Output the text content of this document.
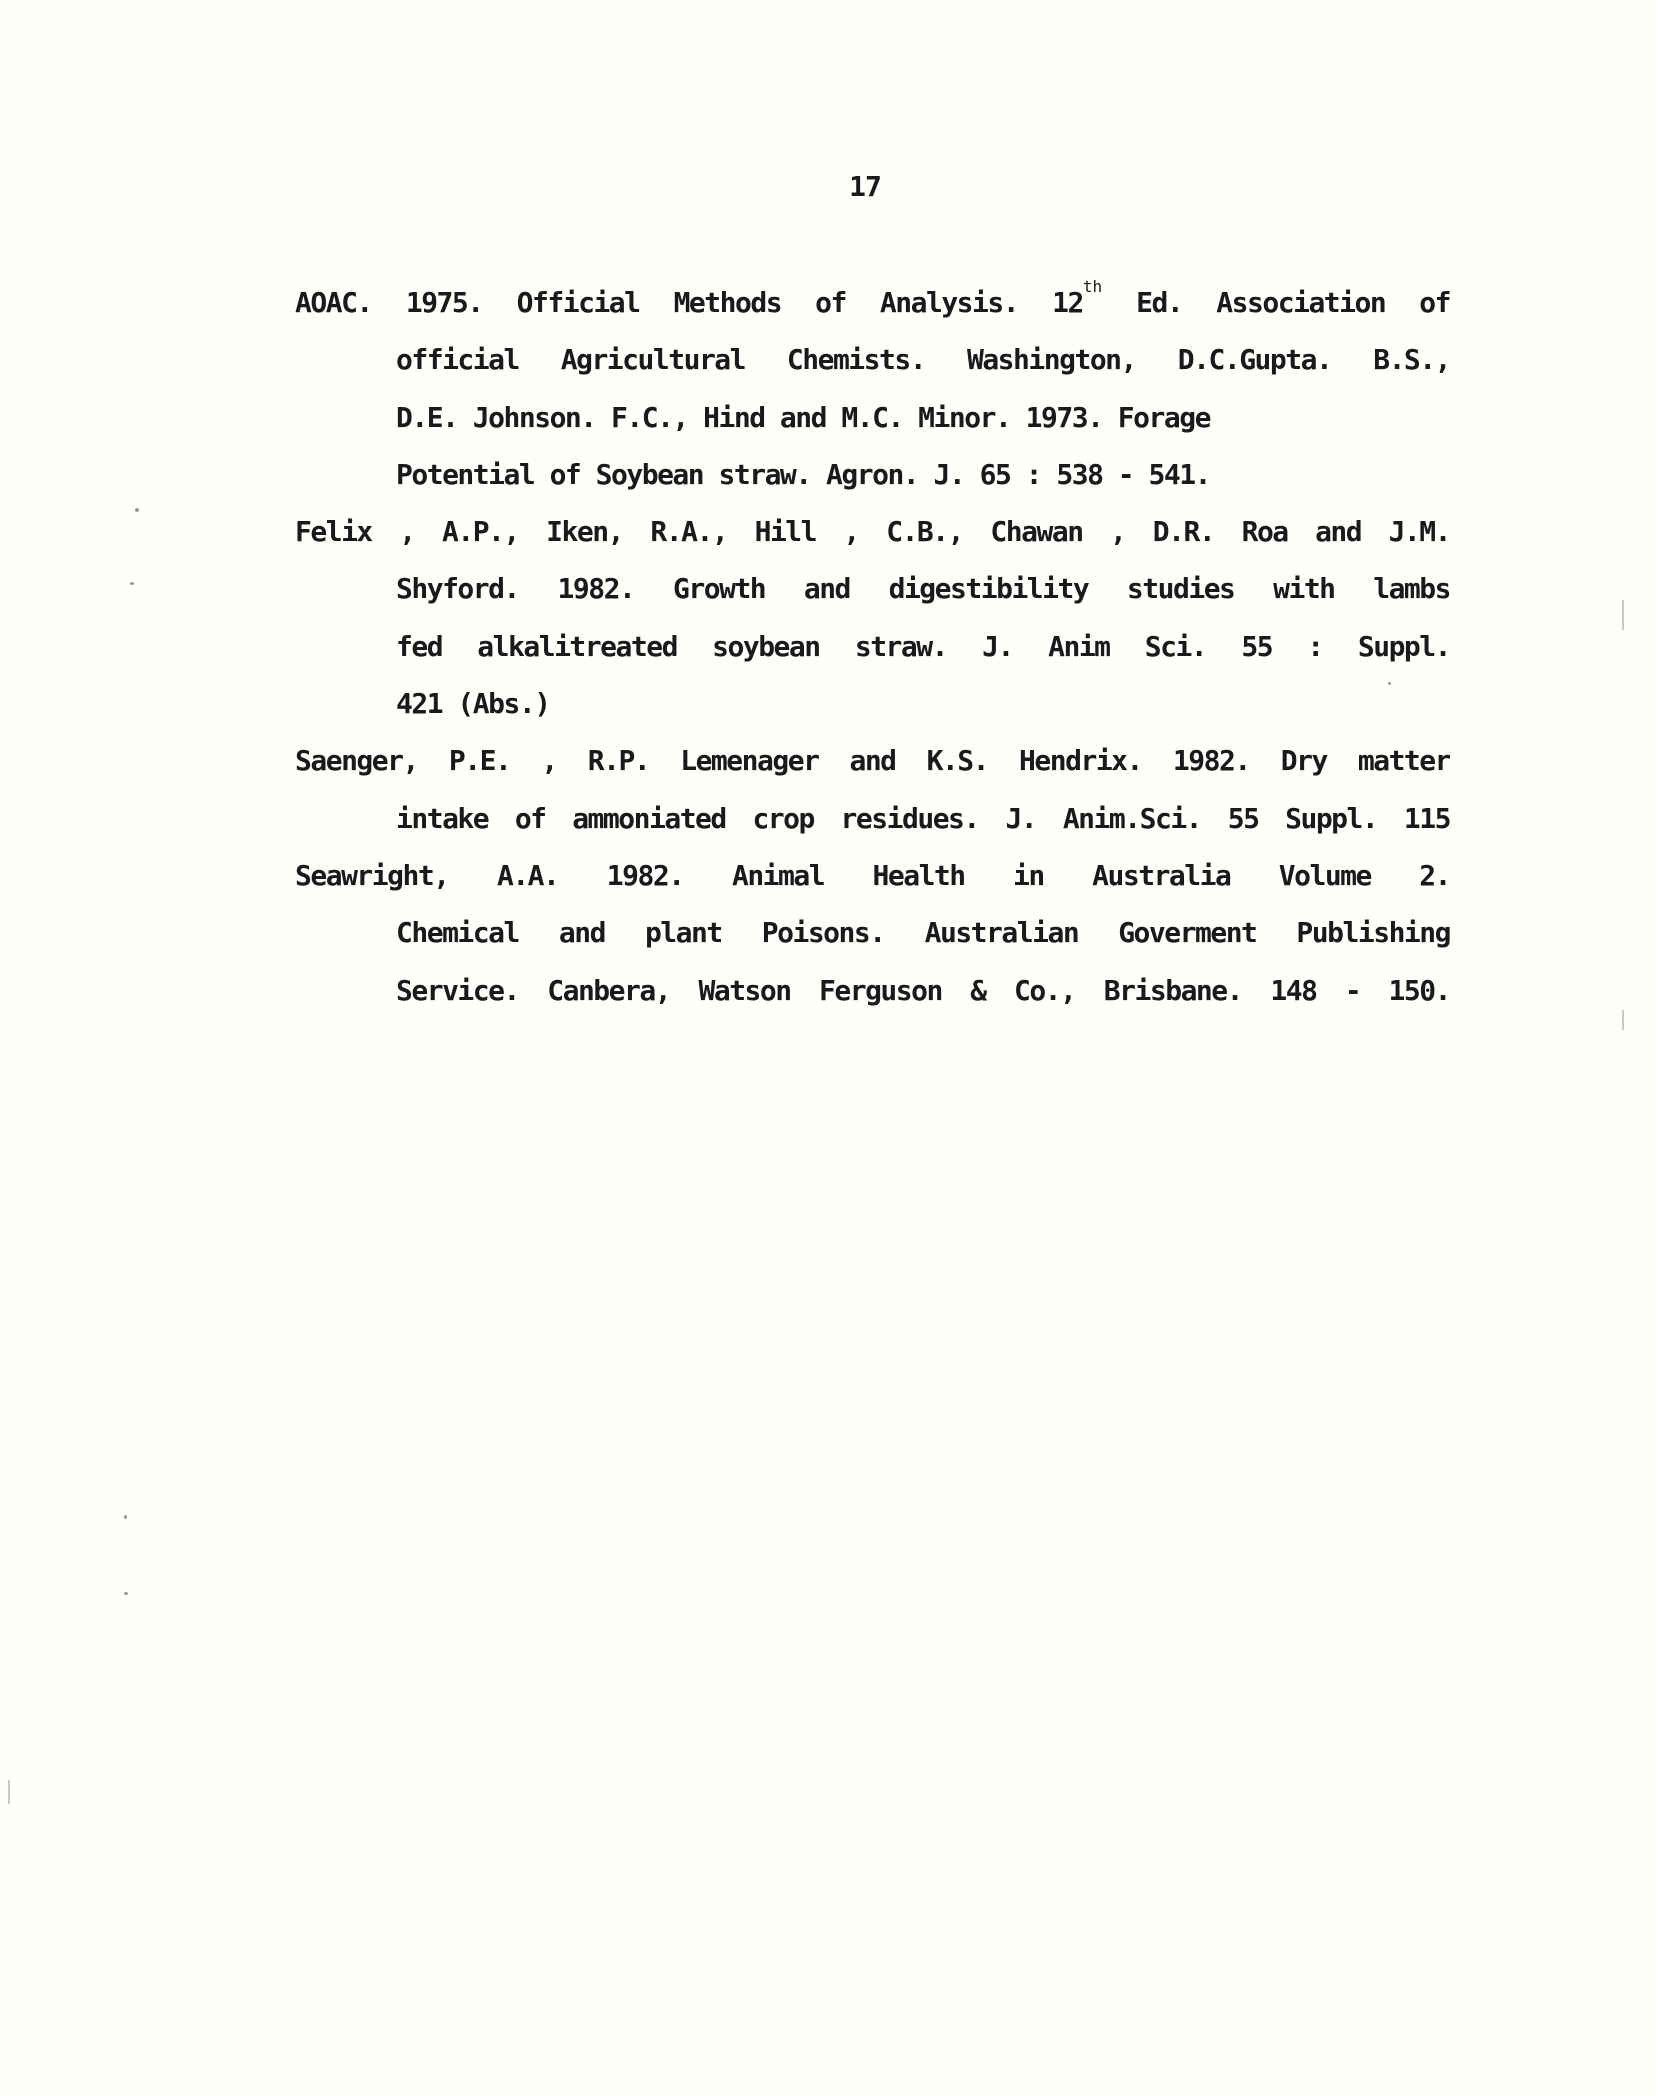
17
AOAC. 1975. Official Methods of Analysis. 12th Ed. Association of
official Agricultural Chemists. Washington, D.C.Gupta. B.S.,
D.E. Johnson. F.C., Hind and M.C. Minor. 1973. Forage
Potential of Soybean straw. Agron. J. 65 : 538 - 541.
Felix , A.P., Iken, R.A., Hill , C.B., Chawan , D.R. Roa and J.M.
Shyford. 1982. Growth and digestibility studies with lambs
fed alkalitreated soybean straw. J. Anim Sci. 55 : Suppl.
421 (Abs.)
Saenger, P.E. , R.P. Lemenager and K.S. Hendrix. 1982. Dry matter
intake of ammoniated crop residues. J. Anim.Sci. 55 Suppl. 115
Seawright, A.A. 1982. Animal Health in Australia Volume 2.
Chemical and plant Poisons. Australian Goverment Publishing
Service. Canbera, Watson Ferguson & Co., Brisbane. 148 - 150.
